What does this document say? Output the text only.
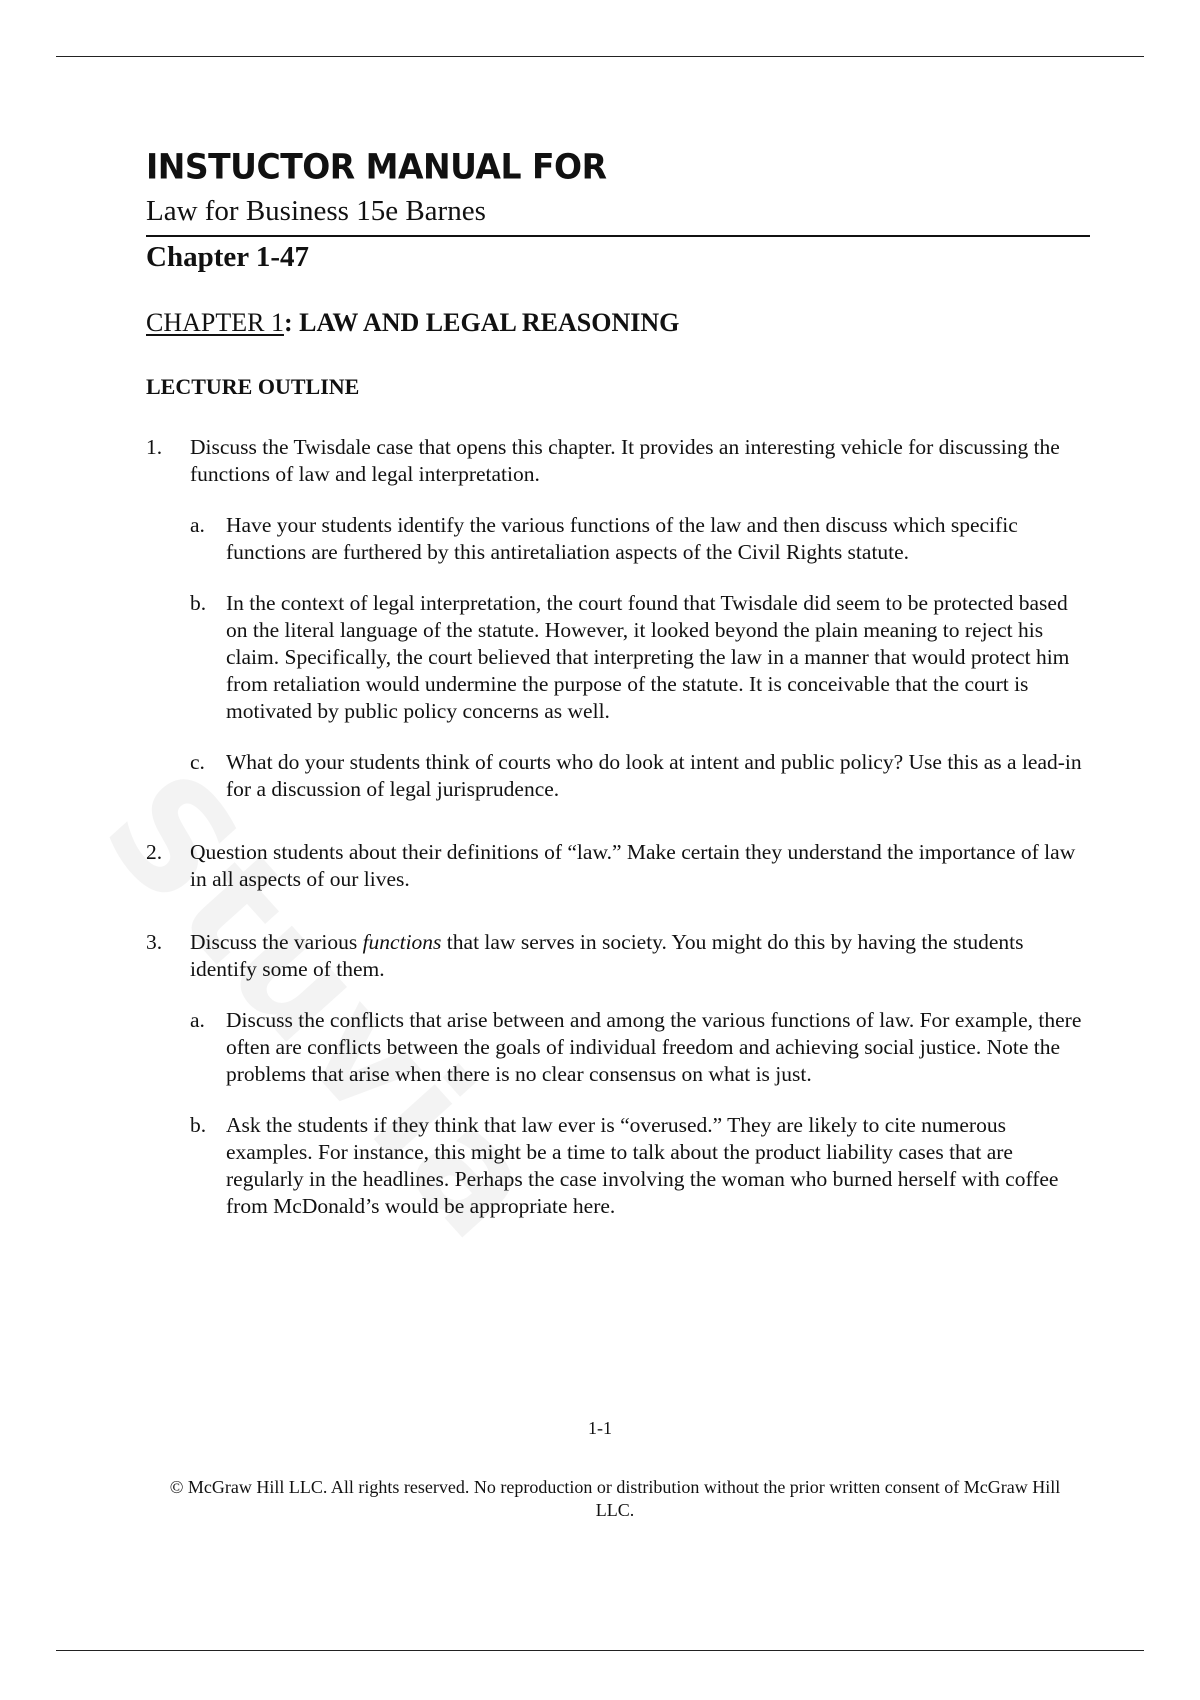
INSTUCTOR MANUAL FOR
Law for Business 15e Barnes
Chapter 1-47
CHAPTER 1: LAW AND LEGAL REASONING
LECTURE OUTLINE
1. Discuss the Twisdale case that opens this chapter. It provides an interesting vehicle for discussing the functions of law and legal interpretation.
a. Have your students identify the various functions of the law and then discuss which specific functions are furthered by this antiretaliation aspects of the Civil Rights statute.
b. In the context of legal interpretation, the court found that Twisdale did seem to be protected based on the literal language of the statute. However, it looked beyond the plain meaning to reject his claim. Specifically, the court believed that interpreting the law in a manner that would protect him from retaliation would undermine the purpose of the statute. It is conceivable that the court is motivated by public policy concerns as well.
c. What do your students think of courts who do look at intent and public policy? Use this as a lead-in for a discussion of legal jurisprudence.
2. Question students about their definitions of “law.” Make certain they understand the importance of law in all aspects of our lives.
3. Discuss the various functions that law serves in society. You might do this by having the students identify some of them.
a. Discuss the conflicts that arise between and among the various functions of law. For example, there often are conflicts between the goals of individual freedom and achieving social justice. Note the problems that arise when there is no clear consensus on what is just.
b. Ask the students if they think that law ever is “overused.” They are likely to cite numerous examples. For instance, this might be a time to talk about the product liability cases that are regularly in the headlines. Perhaps the case involving the woman who burned herself with coffee from McDonald’s would be appropriate here.
1-1
© McGraw Hill LLC. All rights reserved. No reproduction or distribution without the prior written consent of McGraw Hill LLC.
